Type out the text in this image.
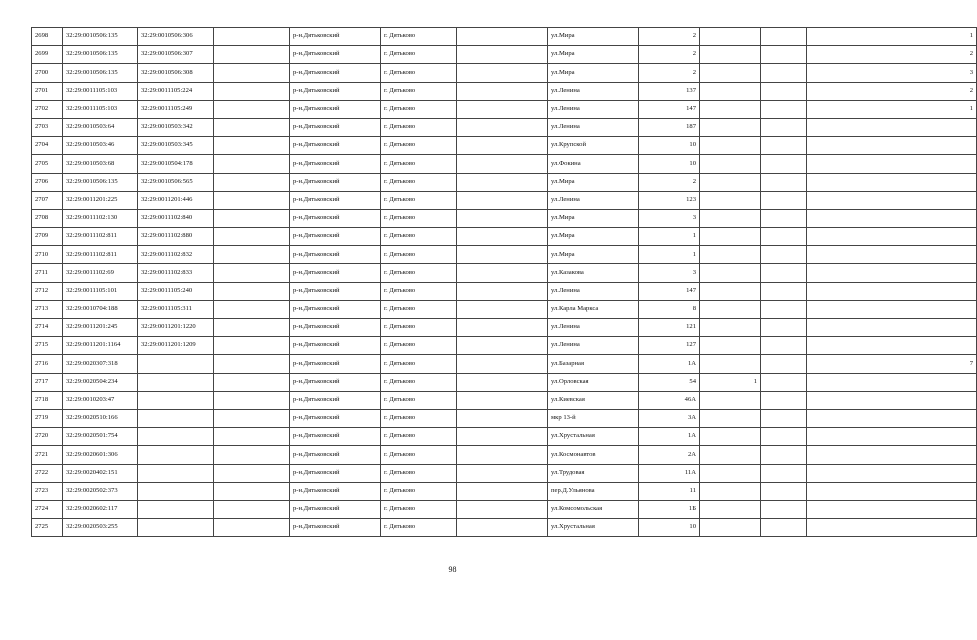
2698	32:29:0010506:135	32:29:0010506:306		р-н.Дятьковский	г. Дятьково		ул.Мира	2			1
2699	32:29:0010506:135	32:29:0010506:307		р-н.Дятьковский	г. Дятьково		ул.Мира	2			2
2700	32:29:0010506:135	32:29:0010506:308		р-н.Дятьковский	г. Дятьково		ул.Мира	2			3
2701	32:29:0011105:103	32:29:0011105:224		р-н.Дятьковский	г. Дятьково		ул.Ленина	137			2
2702	32:29:0011105:103	32:29:0011105:249		р-н.Дятьковский	г. Дятьково		ул.Ленина	147			1
2703	32:29:0010503:64	32:29:0010503:342		р-н.Дятьковский	г. Дятьково		ул.Ленина	187			
2704	32:29:0010503:46	32:29:0010503:345		р-н.Дятьковский	г. Дятьково		ул.Крупской	10			
2705	32:29:0010503:68	32:29:0010504:178		р-н.Дятьковский	г. Дятьково		ул.Фокина	10			
2706	32:29:0010506:135	32:29:0010506:565		р-н.Дятьковский	г. Дятьково		ул.Мира	2			
2707	32:29:0011201:225	32:29:0011201:446		р-н.Дятьковский	г. Дятьково		ул.Ленина	123			
2708	32:29:0011102:130	32:29:0011102:840		р-н.Дятьковский	г. Дятьково		ул.Мира	3			
2709	32:29:0011102:811	32:29:0011102:880		р-н.Дятьковский	г. Дятьково		ул.Мира	1			
2710	32:29:0011102:811	32:29:0011102:832		р-н.Дятьковский	г. Дятьково		ул.Мира	1			
2711	32:29:0011102:69	32:29:0011102:833		р-н.Дятьковский	г. Дятьково		ул.Казакова	3			
2712	32:29:0011105:101	32:29:0011105:240		р-н.Дятьковский	г. Дятьково		ул.Ленина	147			
2713	32:29:0010704:188	32:29:0011105:311		р-н.Дятьковский	г. Дятьково		ул.Карла Маркса	8			
2714	32:29:0011201:245	32:29:0011201:1220		р-н.Дятьковский	г. Дятьково		ул.Ленина	121			
2715	32:29:0011201:1164	32:29:0011201:1209		р-н.Дятьковский	г. Дятьково		ул.Ленина	127			
2716	32:29:0020307:318			р-н.Дятьковский	г. Дятьково		ул.Базарная	1А			7
2717	32:29:0020504:234			р-н.Дятьковский	г. Дятьково		ул.Орловская	54	1		
2718	32:29:0010203:47			р-н.Дятьковский	г. Дятьково		ул.Киевская	46А			
2719	32:29:0020510:166			р-н.Дятьковский	г. Дятьково		мкр 13-й	3А			
2720	32:29:0020501:754			р-н.Дятьковский	г. Дятьково		ул.Хрустальная	1А			
2721	32:29:0020601:306			р-н.Дятьковский	г. Дятьково		ул.Космонавтов	2А			
2722	32:29:0020402:151			р-н.Дятьковский	г. Дятьково		ул.Трудовая	11А			
2723	32:29:0020502:373			р-н.Дятьковский	г. Дятьково		пер.Д.Ульянова	11			
2724	32:29:0020602:117			р-н.Дятьковский	г. Дятьково		ул.Комсомольская	1Б			
2725	32:29:0020503:255			р-н.Дятьковский	г. Дятьково		ул.Хрустальная	10			
98
